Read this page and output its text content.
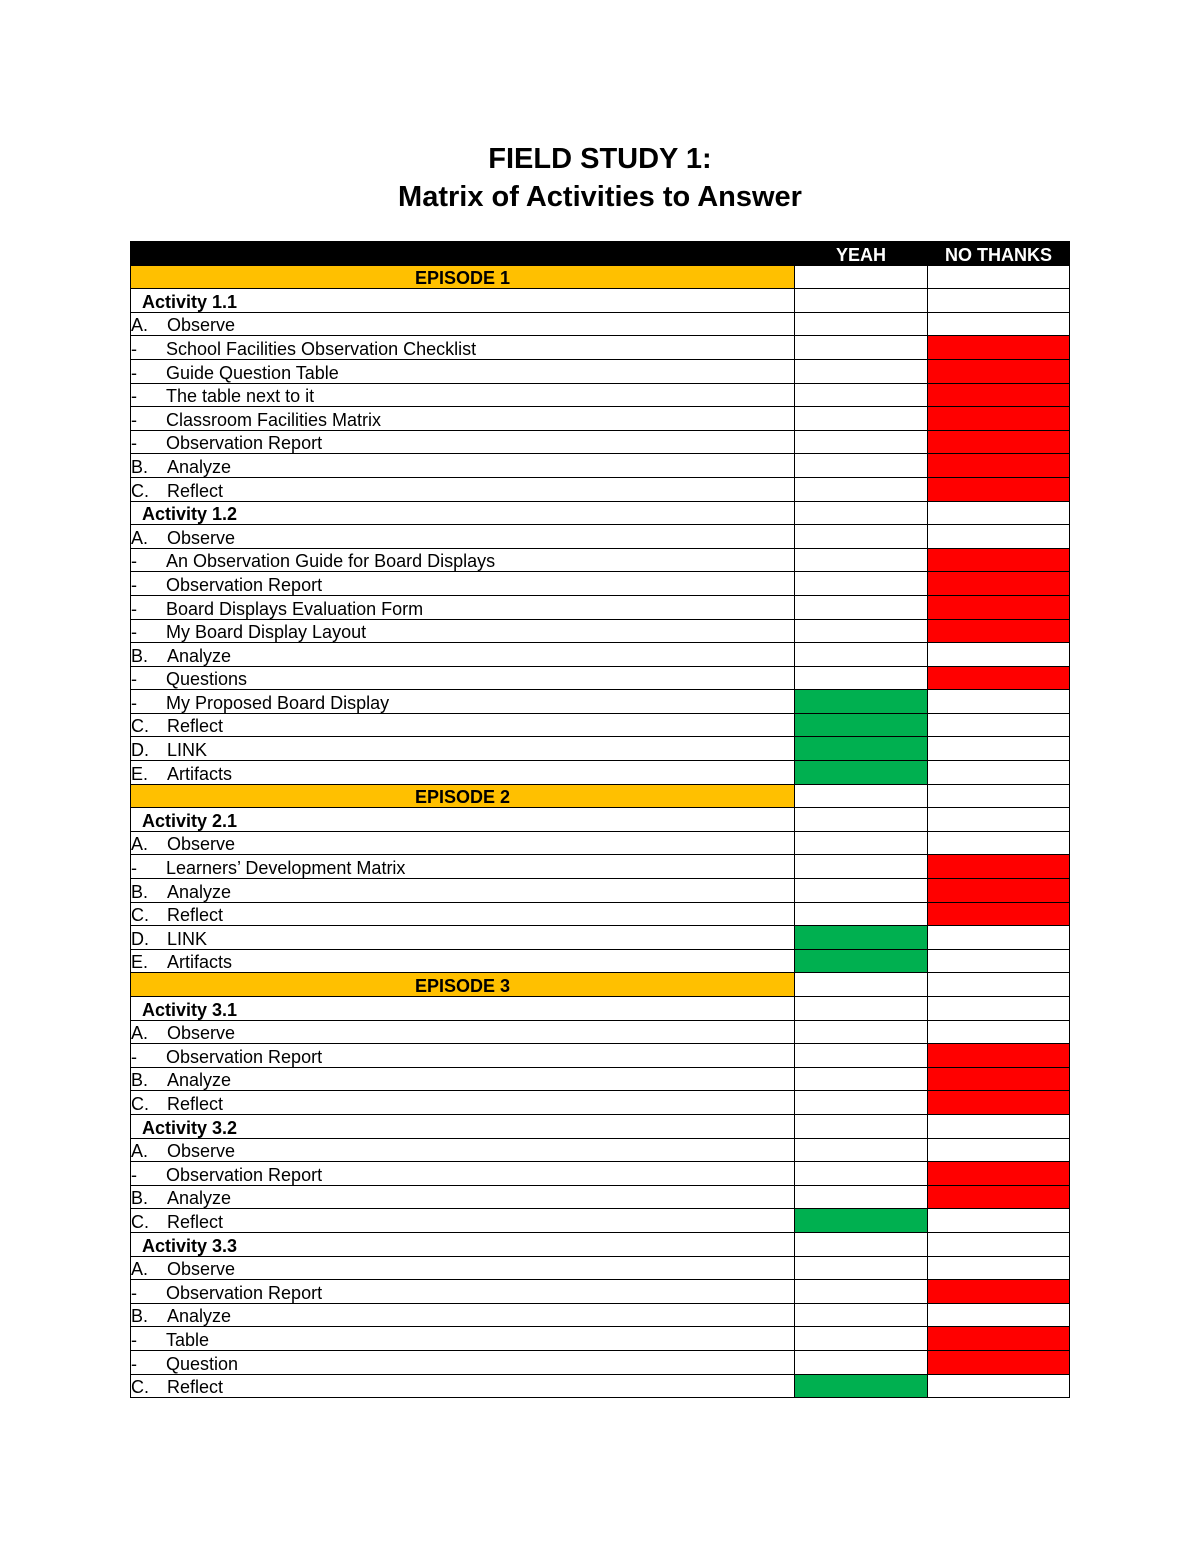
FIELD STUDY 1:
Matrix of Activities to Answer
	YEAH	NO THANKS
EPISODE 1		
Activity 1.1		
A. Observe		
- School Facilities Observation Checklist		
- Guide Question Table		
- The table next to it		
- Classroom Facilities Matrix		
- Observation Report		
B. Analyze		
C. Reflect		
Activity 1.2		
A. Observe		
- An Observation Guide for Board Displays		
- Observation Report		
- Board Displays Evaluation Form		
- My Board Display Layout		
B. Analyze		
- Questions		
- My Proposed Board Display		
C. Reflect		
D. LINK		
E. Artifacts		
EPISODE 2		
Activity 2.1		
A. Observe		
- Learners’ Development Matrix		
B. Analyze		
C. Reflect		
D. LINK		
E. Artifacts		
EPISODE 3		
Activity 3.1		
A. Observe		
- Observation Report		
B. Analyze		
C. Reflect		
Activity 3.2		
A. Observe		
- Observation Report		
B. Analyze		
C. Reflect		
Activity 3.3		
A. Observe		
- Observation Report		
B. Analyze		
- Table		
- Question		
C. Reflect		
